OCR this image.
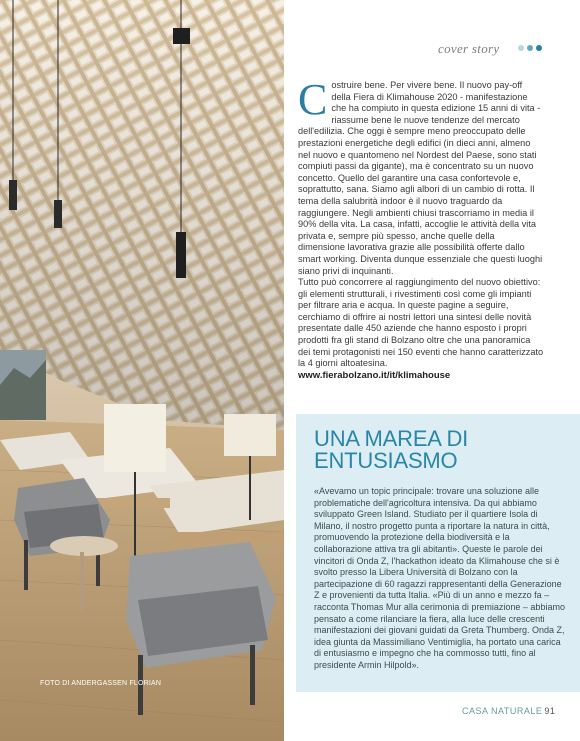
FOTO DI ANDERGASSEN FLORIAN
cover story

Costruire bene. Per vivere bene. Il nuovo pay-off della Fiera di Klimahouse 2020 - manifestazione che ha compiuto in questa edizione 15 anni di vita - riassume bene le nuove tendenze del mercato dell'edilizia. Che oggi è sempre meno preoccupato delle prestazioni energetiche degli edifici (in dieci anni, almeno nel nuovo e quantomeno nel Nordest del Paese, sono stati compiuti passi da gigante), ma è concentrato su un nuovo concetto. Quello del garantire una casa confortevole e, soprattutto, sana. Siamo agli albori di un cambio di rotta. Il tema della salubrità indoor è il nuovo traguardo da raggiungere. Negli ambienti chiusi trascorriamo in media il 90% della vita. La casa, infatti, accoglie le attività della vita privata e, sempre più spesso, anche quelle della dimensione lavorativa grazie alle possibilità offerte dallo smart working. Diventa dunque essenziale che questi luoghi siano privi di inquinanti.

Tutto può concorrere al raggiungimento del nuovo obiettivo: gli elementi strutturali, i rivestimenti così come gli impianti per filtrare aria e acqua. In queste pagine a seguire, cerchiamo di offrire ai nostri lettori una sintesi delle novità presentate dalle 450 aziende che hanno esposto i propri prodotti fra gli stand di Bolzano oltre che una panoramica dei temi protagonisti nei 150 eventi che hanno caratterizzato la 4 giorni altoatesina.

www.fierabolzano.it/it/klimahouse

UNA MAREA DI ENTUSIASMO
«Avevamo un topic principale: trovare una soluzione alle problematiche dell'agricoltura intensiva. Da qui abbiamo sviluppato Green Island. Studiato per il quartiere Isola di Milano, il nostro progetto punta a riportare la natura in città, promuovendo la protezione della biodiversità e la collaborazione attiva tra gli abitanti». Queste le parole dei vincitori di Onda Z, l'hackathon ideato da Klimahouse che si è svolto presso la Libera Università di Bolzano con la partecipazione di 60 ragazzi rappresentanti della Generazione Z e provenienti da tutta Italia. «Più di un anno e mezzo fa – racconta Thomas Mur alla cerimonia di premiazione – abbiamo pensato a come rilanciare la fiera, alla luce delle crescenti manifestazioni dei giovani guidati da Greta Thumberg. Onda Z, idea giunta da Massimiliano Ventimiglia, ha portato una carica di entusiasmo e impegno che ha commosso tutti, fino al presidente Armin Hilpold».
CASA NATURALE 91
